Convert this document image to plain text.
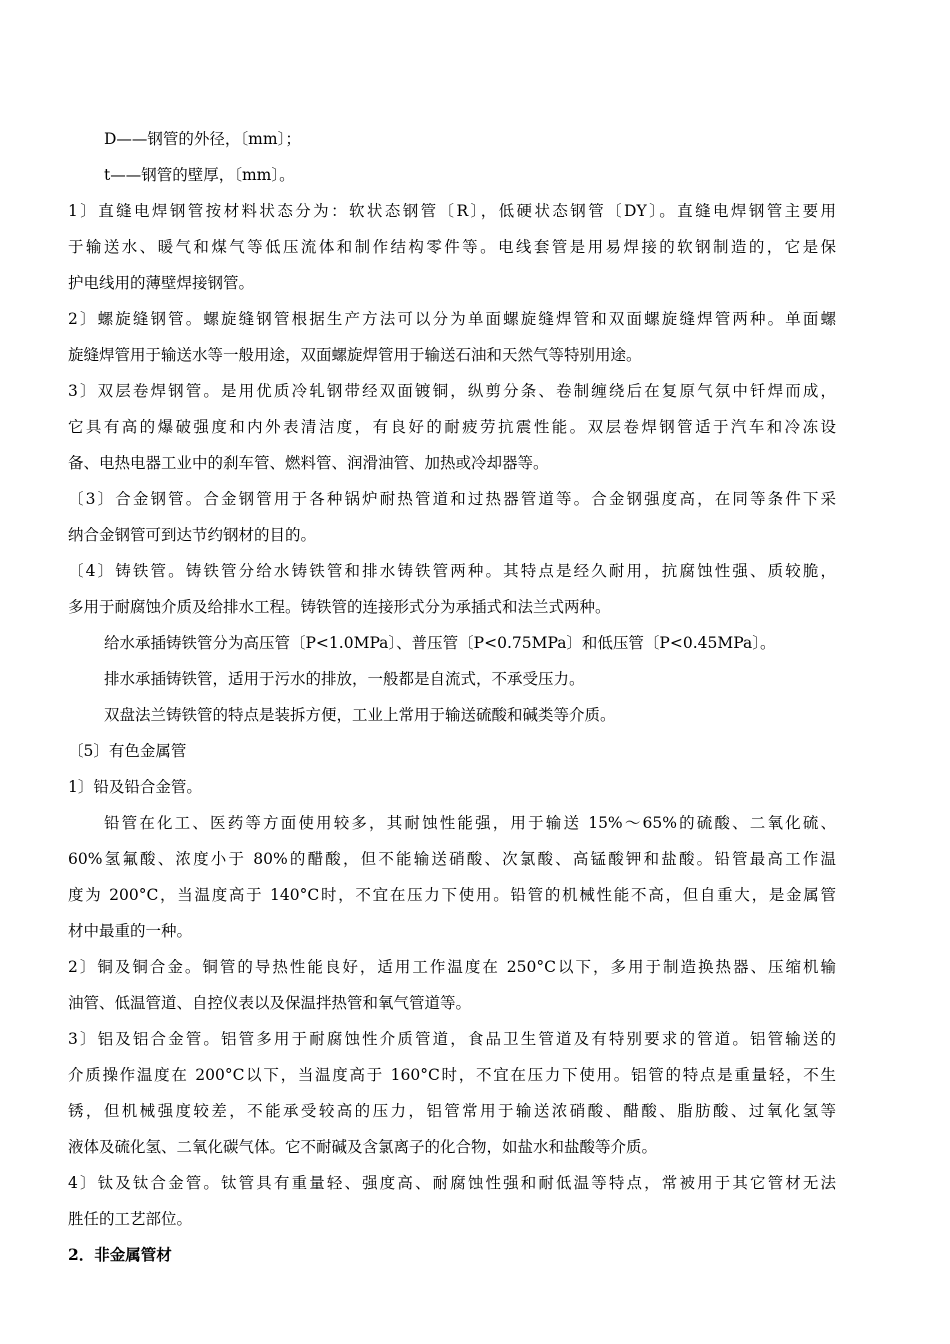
D——钢管的外径，〔mm〕；
t——钢管的壁厚，〔mm〕。
1〕直缝电焊钢管按材料状态分为：软状态钢管〔R〕，低硬状态钢管〔DY〕。直缝电焊钢管主要用
于输送水、暖气和煤气等低压流体和制作结构零件等。电线套管是用易焊接的软钢制造的，它是保
护电线用的薄壁焊接钢管。
2〕螺旋缝钢管。螺旋缝钢管根据生产方法可以分为单面螺旋缝焊管和双面螺旋缝焊管两种。单面螺
旋缝焊管用于输送水等一般用途，双面螺旋焊管用于输送石油和天然气等特别用途。
3〕双层卷焊钢管。是用优质冷轧钢带经双面镀铜，纵剪分条、卷制缠绕后在复原气氛中钎焊而成，
它具有高的爆破强度和内外表清洁度，有良好的耐疲劳抗震性能。双层卷焊钢管适于汽车和冷冻设
备、电热电器工业中的刹车管、燃料管、润滑油管、加热或冷却器等。
〔3〕合金钢管。合金钢管用于各种锅炉耐热管道和过热器管道等。合金钢强度高，在同等条件下采
纳合金钢管可到达节约钢材的目的。
〔4〕铸铁管。铸铁管分给水铸铁管和排水铸铁管两种。其特点是经久耐用，抗腐蚀性强、质较脆，
多用于耐腐蚀介质及给排水工程。铸铁管的连接形式分为承插式和法兰式两种。
给水承插铸铁管分为高压管〔P<1.0MPa〕、普压管〔P<0.75MPa〕和低压管〔P<0.45MPa〕。
排水承插铸铁管，适用于污水的排放，一般都是自流式，不承受压力。
双盘法兰铸铁管的特点是装拆方便，工业上常用于输送硫酸和碱类等介质。
〔5〕有色金属管
1〕铅及铅合金管。
铅管在化工、医药等方面使用较多，其耐蚀性能强，用于输送 15%～65%的硫酸、二氧化硫、
60%氢氟酸、浓度小于 80%的醋酸，但不能输送硝酸、次氯酸、高锰酸钾和盐酸。铅管最高工作温
度为 200°C，当温度高于 140°C时，不宜在压力下使用。铅管的机械性能不高，但自重大，是金属管
材中最重的一种。
2〕铜及铜合金。铜管的导热性能良好，适用工作温度在 250°C以下，多用于制造换热器、压缩机输
油管、低温管道、自控仪表以及保温拌热管和氧气管道等。
3〕铝及铝合金管。铝管多用于耐腐蚀性介质管道，食品卫生管道及有特别要求的管道。铝管输送的
介质操作温度在 200°C以下，当温度高于 160°C时，不宜在压力下使用。铝管的特点是重量轻，不生
锈，但机械强度较差，不能承受较高的压力，铝管常用于输送浓硝酸、醋酸、脂肪酸、过氧化氢等
液体及硫化氢、二氧化碳气体。它不耐碱及含氯离子的化合物，如盐水和盐酸等介质。
4〕钛及钛合金管。钛管具有重量轻、强度高、耐腐蚀性强和耐低温等特点，常被用于其它管材无法
胜任的工艺部位。
2．非金属管材
